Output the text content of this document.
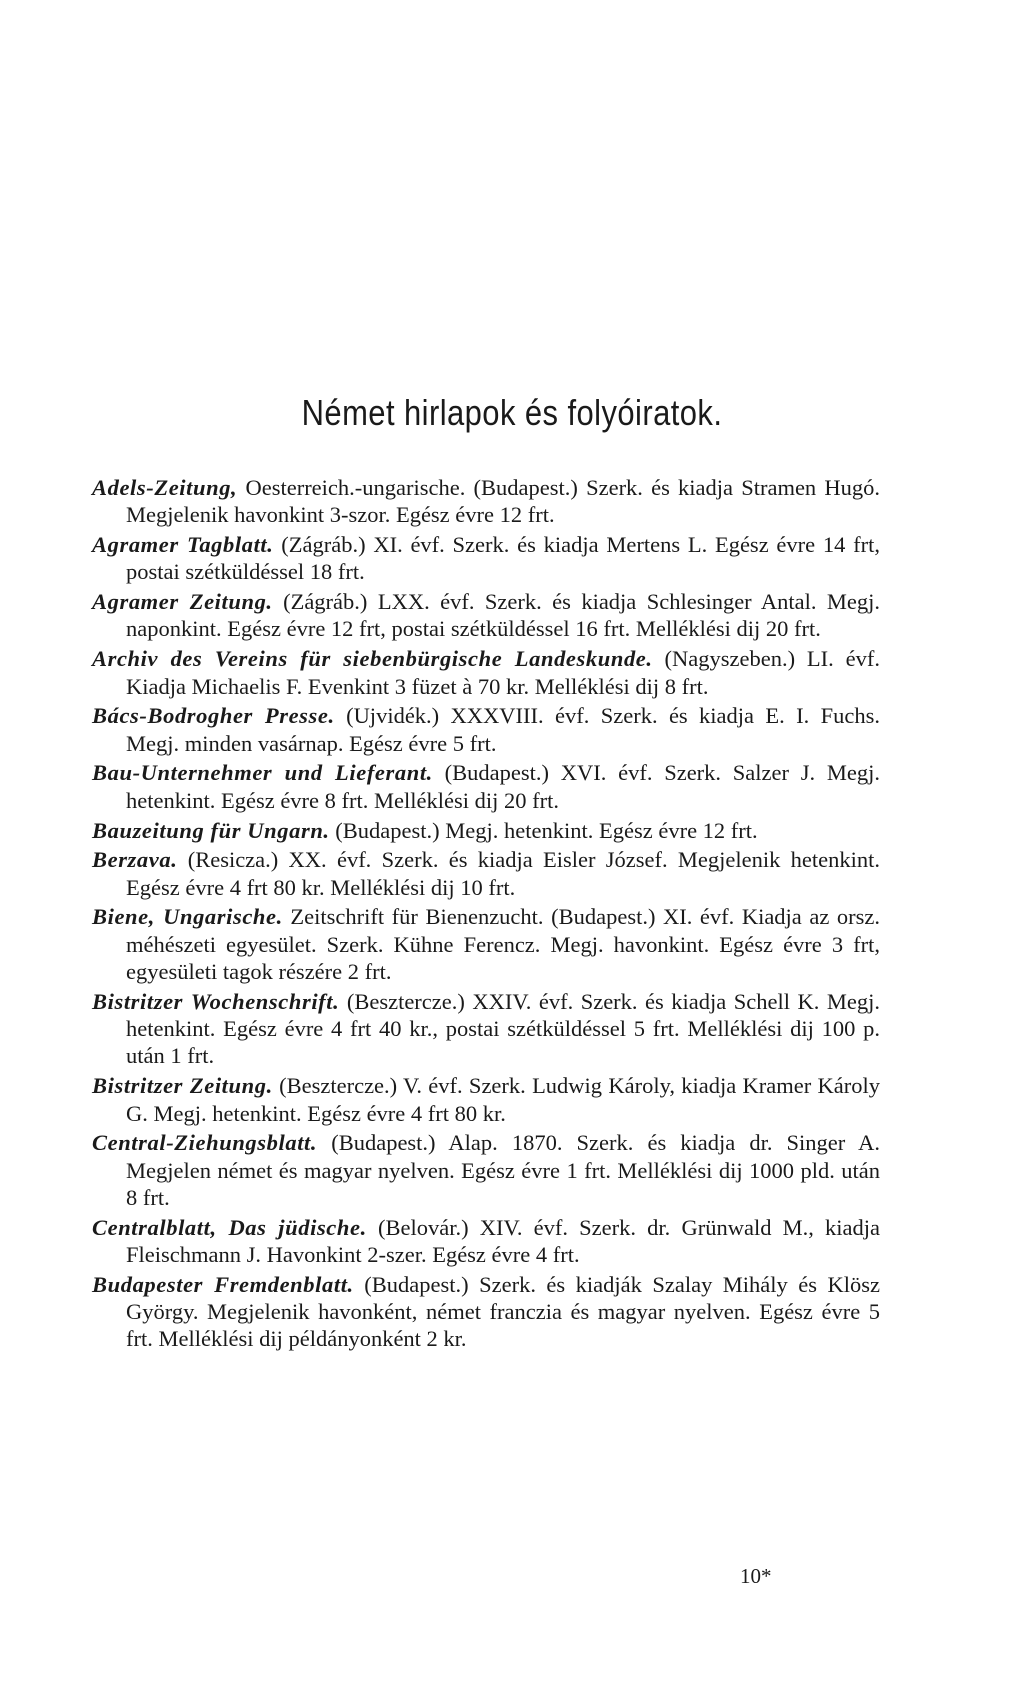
Német hirlapok és folyóiratok.

Adels-Zeitung, Oesterreich.-ungarische. (Budapest.) Szerk. és kiadja Stramen Hugó. Megjelenik havonkint 3-szor. Egész évre 12 frt.

Agramer Tagblatt. (Zágráb.) XI. évf. Szerk. és kiadja Mertens L. Egész évre 14 frt, postai szétküldéssel 18 frt.

Agramer Zeitung. (Zágráb.) LXX. évf. Szerk. és kiadja Schlesinger Antal. Megj. naponkint. Egész évre 12 frt, postai szétküldéssel 16 frt. Melléklési dij 20 frt.

Archiv des Vereins für siebenbürgische Landeskunde. (Nagyszeben.) LI. évf. Kiadja Michaelis F. Evenkint 3 füzet à 70 kr. Melléklési dij 8 frt.

Bács-Bodrogher Presse. (Ujvidék.) XXXVIII. évf. Szerk. és kiadja E. I. Fuchs. Megj. minden vasárnap. Egész évre 5 frt.

Bau-Unternehmer und Lieferant. (Budapest.) XVI. évf. Szerk. Salzer J. Megj. hetenkint. Egész évre 8 frt. Melléklési dij 20 frt.

Bauzeitung für Ungarn. (Budapest.) Megj. hetenkint. Egész évre 12 frt.

Berzava. (Resicza.) XX. évf. Szerk. és kiadja Eisler József. Megjelenik hetenkint. Egész évre 4 frt 80 kr. Melléklési dij 10 frt.

Biene, Ungarische. Zeitschrift für Bienenzucht. (Budapest.) XI. évf. Kiadja az orsz. méhészeti egyesület. Szerk. Kühne Ferencz. Megj. havonkint. Egész évre 3 frt, egyesületi tagok részére 2 frt.

Bistritzer Wochenschrift. (Besztercze.) XXIV. évf. Szerk. és kiadja Schell K. Megj. hetenkint. Egész évre 4 frt 40 kr., postai szétküldéssel 5 frt. Melléklési dij 100 p. után 1 frt.

Bistritzer Zeitung. (Besztercze.) V. évf. Szerk. Ludwig Károly, kiadja Kramer Károly G. Megj. hetenkint. Egész évre 4 frt 80 kr.

Central-Ziehungsblatt. (Budapest.) Alap. 1870. Szerk. és kiadja dr. Singer A. Megjelen német és magyar nyelven. Egész évre 1 frt. Melléklési dij 1000 pld. után 8 frt.

Centralblatt, Das jüdische. (Belovár.) XIV. évf. Szerk. dr. Grünwald M., kiadja Fleischmann J. Havonkint 2-szer. Egész évre 4 frt.

Budapester Fremdenblatt. (Budapest.) Szerk. és kiadják Szalay Mihály és Klösz György. Megjelenik havonként, német franczia és magyar nyelven. Egész évre 5 frt. Melléklési dij példányonként 2 kr.

10*
